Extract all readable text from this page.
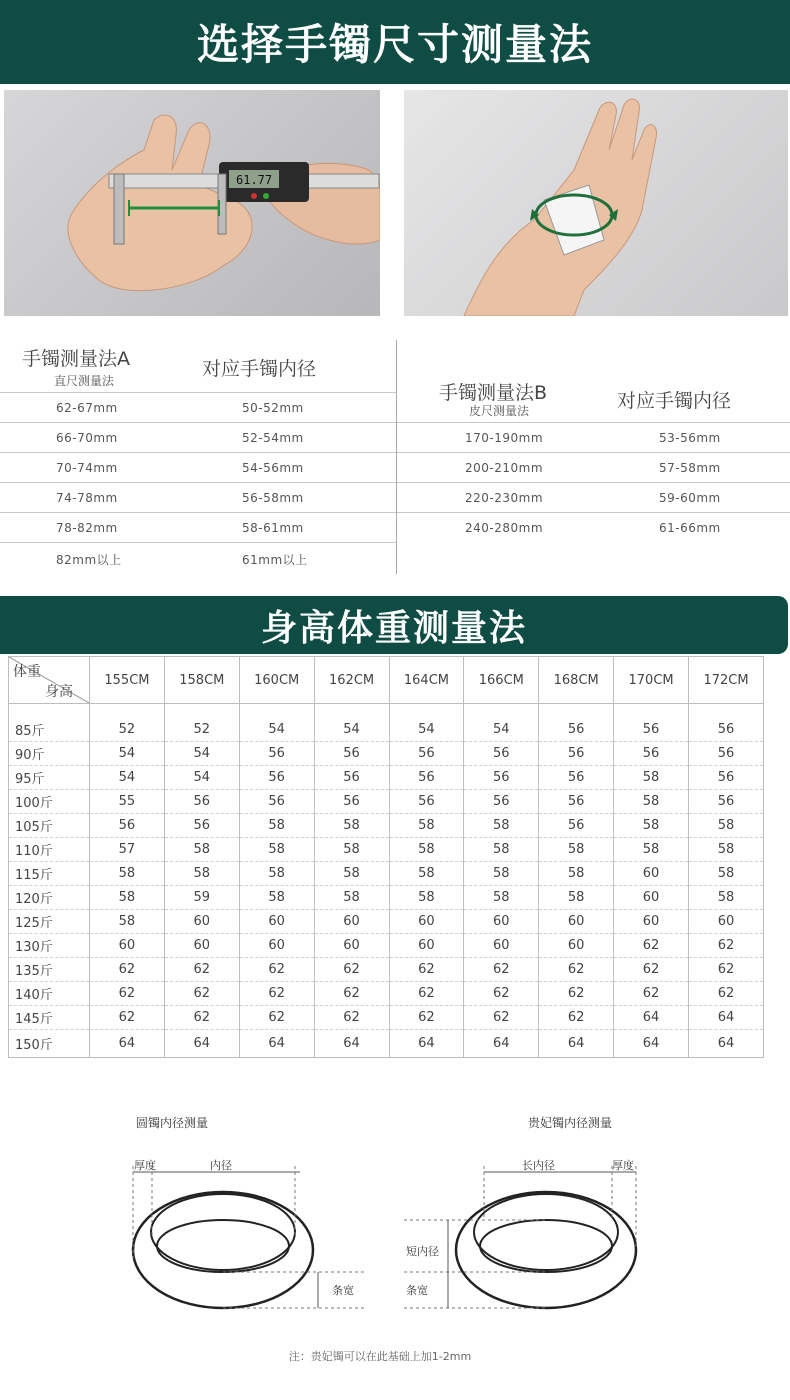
选择手镯尺寸测量法
61.77
手镯测量法A
直尺测量法
对应手镯内径
62-67mm	50-52mm
66-70mm	52-54mm
70-74mm	54-56mm
74-78mm	56-58mm
78-82mm	58-61mm
82mm以上	61mm以上
手镯测量法B
皮尺测量法	对应手镯内径
170-190mm	53-56mm
200-210mm	57-58mm
220-230mm	59-60mm
240-280mm	61-66mm
身高体重测量法
体重
身高	155CM	158CM	160CM	162CM	164CM	166CM	168CM	170CM	172CM
85斤	52	52	54	54	54	54	56	56	56
90斤	54	54	56	56	56	56	56	56	56
95斤	54	54	56	56	56	56	56	58	56
100斤	55	56	56	56	56	56	56	58	56
105斤	56	56	58	58	58	58	56	58	58
110斤	57	58	58	58	58	58	58	58	58
115斤	58	58	58	58	58	58	58	60	58
120斤	58	59	58	58	58	58	58	60	58
125斤	58	60	60	60	60	60	60	60	60
130斤	60	60	60	60	60	60	60	62	62
135斤	62	62	62	62	62	62	62	62	62
140斤	62	62	62	62	62	62	62	62	62
145斤	62	62	62	62	62	62	62	64	64
150斤	64	64	64	64	64	64	64	64	64
圆镯内径测量
厚度	内径
条宽
贵妃镯内径测量
长内径	厚度
短内径
条宽
注：贵妃镯可以在此基础上加1-2mm
